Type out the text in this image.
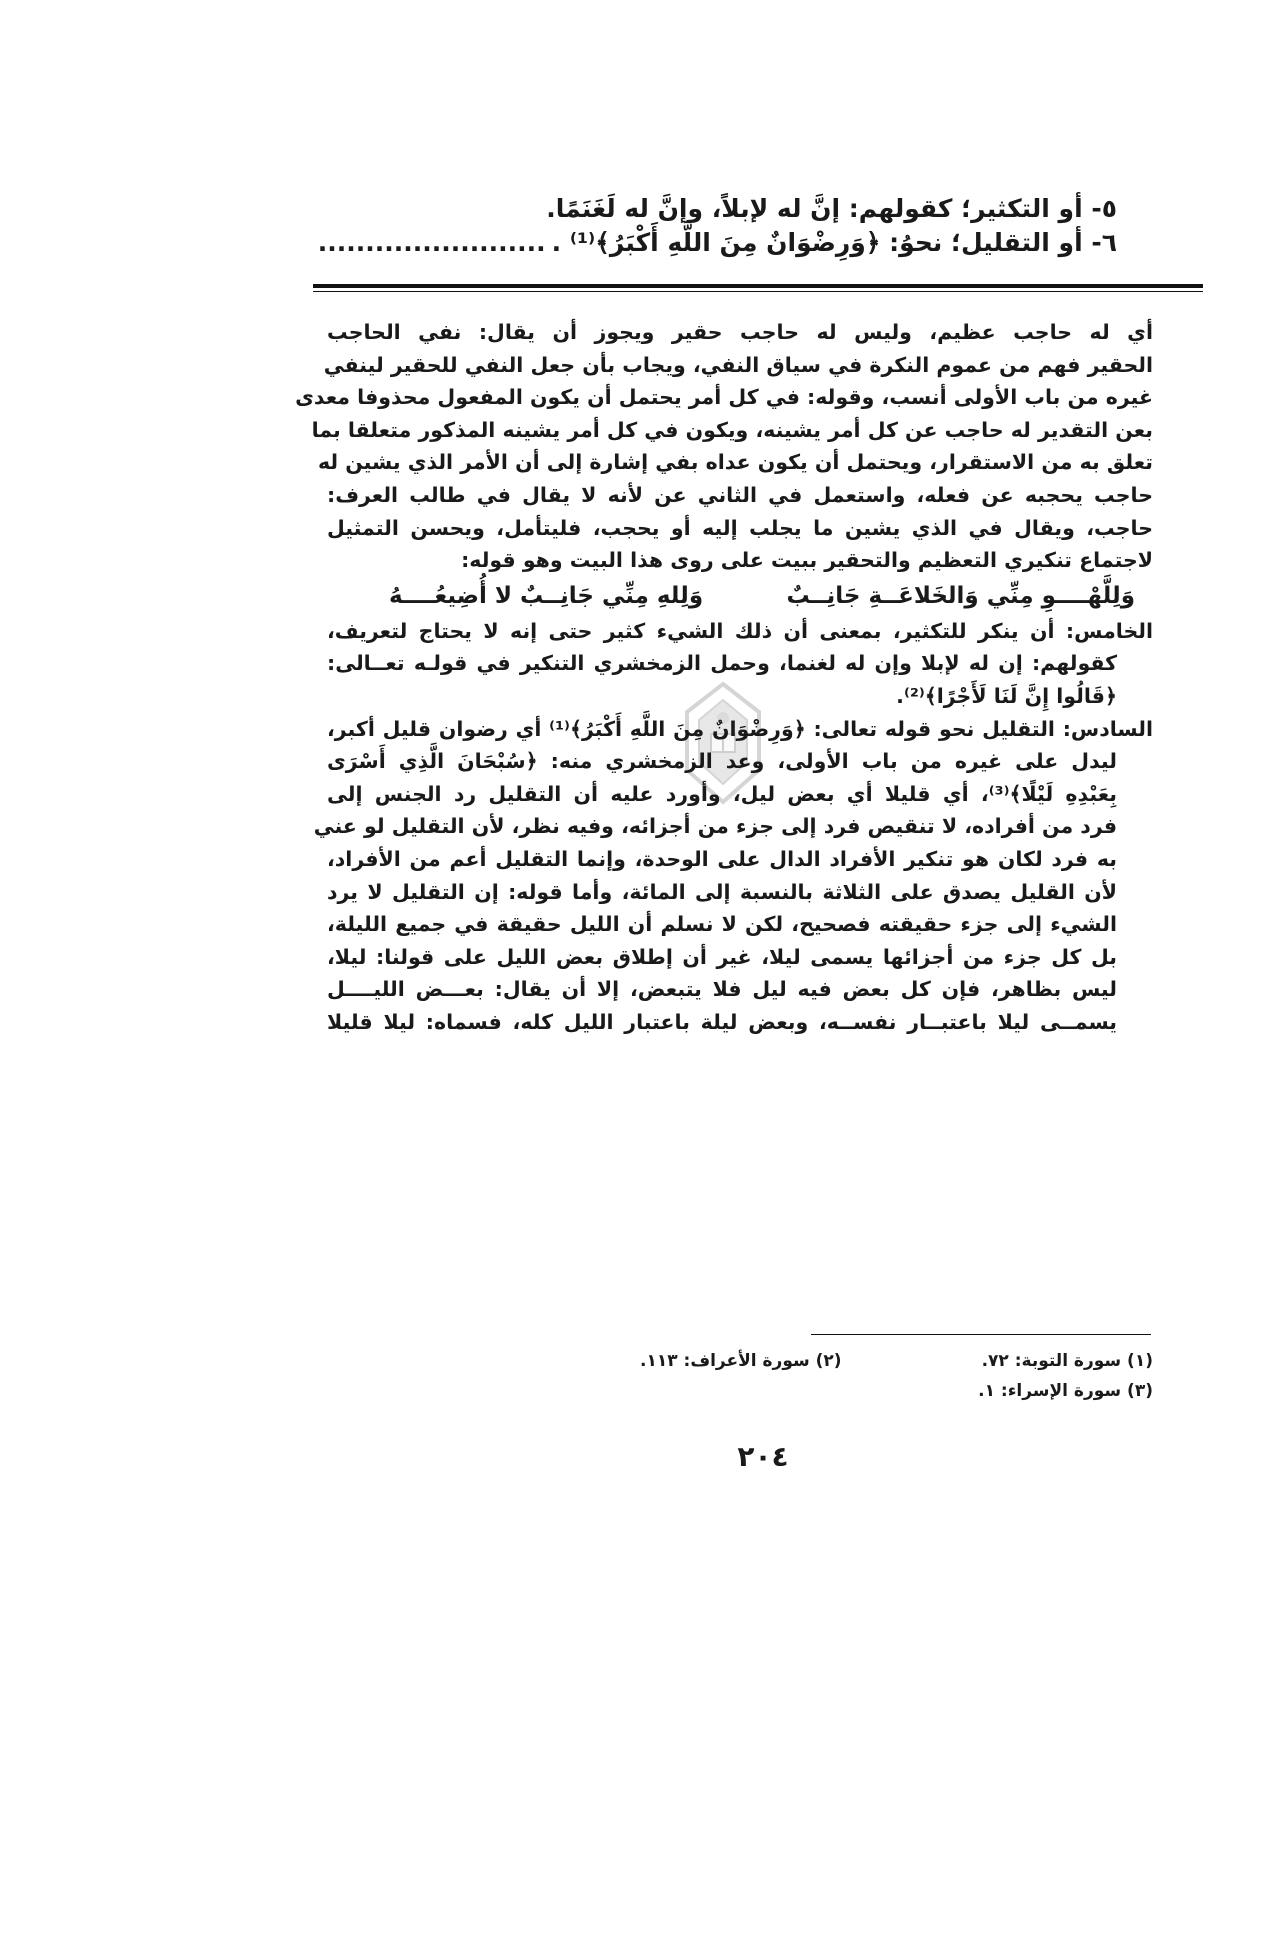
٥- أو التكثير؛ كقولهم: إنَّ له لإبلاً، وإنَّ له لَغَنَمًا.
٦- أو التقليل؛ نحوُ: ﴿وَرِضْوَانٌ مِنَ اللَّهِ أَكْبَرُ﴾⁽¹⁾ .........................

أي له حاجب عظيم، وليس له حاجب حقير ويجوز أن يقال: نفي الحاجب
الحقير فهم من عموم النكرة في سياق النفي، ويجاب بأن جعل النفي للحقير لينفي
غيره من باب الأولى أنسب، وقوله: في كل أمر يحتمل أن يكون المفعول محذوفا معدى
بعن التقدير له حاجب عن كل أمر يشينه، ويكون في كل أمر يشينه المذكور متعلقا بما
تعلق به من الاستقرار، ويحتمل أن يكون عداه بفي إشارة إلى أن الأمر الذي يشين له
حاجب يحجبه عن فعله، واستعمل في الثاني عن لأنه لا يقال في طالب العرف:
حاجب، ويقال في الذي يشين ما يجلب إليه أو يحجب، فليتأمل، ويحسن التمثيل
لاجتماع تنكيري التعظيم والتحقير ببيت على روى هذا البيت وهو قوله:

وَلِلَّهْــــوِ مِنِّي وَالخَلاعَــةِ جَانِــبٌ
وَلِلهِ مِنِّي جَانِــبٌ لا أُضِيعُــــهُ

الخامس: أن ينكر للتكثير، بمعنى أن ذلك الشيء كثير حتى إنه لا يحتاج لتعريف،
كقولهم: إن له لإبلا وإن له لغنما، وحمل الزمخشري التنكير في قولـه تعــالى:
﴿قَالُوا إِنَّ لَنَا لَأَجْرًا﴾⁽²⁾.

السادس: التقليل نحو قوله تعالى: ﴿وَرِضْوَانٌ مِنَ اللَّهِ أَكْبَرُ﴾⁽¹⁾ أي رضوان قليل أكبر،
ليدل على غيره من باب الأولى، وعد الزمخشري منه: ﴿سُبْحَانَ الَّذِي أَسْرَى
بِعَبْدِهِ لَيْلًا﴾⁽³⁾، أي قليلا أي بعض ليل، وأورد عليه أن التقليل رد الجنس إلى
فرد من أفراده، لا تنقيص فرد إلى جزء من أجزائه، وفيه نظر، لأن التقليل لو عني
به فرد لكان هو تنكير الأفراد الدال على الوحدة، وإنما التقليل أعم من الأفراد،
لأن القليل يصدق على الثلاثة بالنسبة إلى المائة، وأما قوله: إن التقليل لا يرد
الشيء إلى جزء حقيقته فصحيح، لكن لا نسلم أن الليل حقيقة في جميع الليلة،
بل كل جزء من أجزائها يسمى ليلا، غير أن إطلاق بعض الليل على قولنا: ليلا،
ليس بظاهر، فإن كل بعض فيه ليل فلا يتبعض، إلا أن يقال: بعـــض الليــــل
يسمــى ليلا باعتبــار نفســه، وبعض ليلة باعتبار الليل كله، فسماه: ليلا قليلا

(١) سورة التوبة: ٧٢.
(٢) سورة الأعراف: ١١٣.
(٣) سورة الإسراء: ١.
٢٠٤
